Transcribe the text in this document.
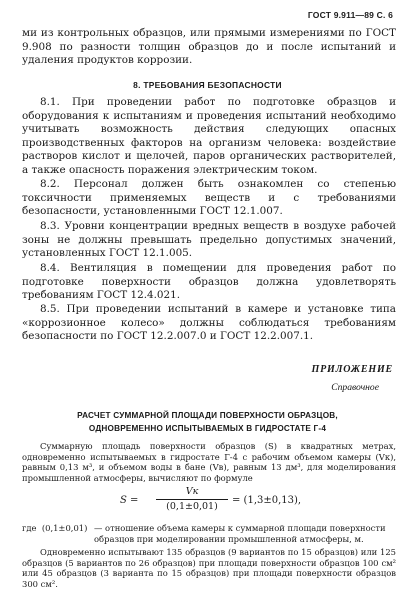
ГОСТ 9.911—89 С. 6

ми из контрольных образцов, или прямыми измерениями по ГОСТ 9.908 по разности толщин образцов до и после испытаний и удаления продуктов коррозии.

8. ТРЕБОВАНИЯ БЕЗОПАСНОСТИ

8.1. При проведении работ по подготовке образцов и оборудования к испытаниям и проведения испытаний необходимо учитывать возможность действия следующих опасных производственных факторов на организм человека: воздействие растворов кислот и щелочей, паров органических растворителей, а также опасность поражения электрическим током.

8.2. Персонал должен быть ознакомлен со степенью токсичности применяемых веществ и с требованиями безопасности, установленными ГОСТ 12.1.007.

8.3. Уровни концентрации вредных веществ в воздухе рабочей зоны не должны превышать предельно допустимых значений, установленных ГОСТ 12.1.005.

8.4. Вентиляция в помещении для проведения работ по подготовке поверхности образцов должна удовлетворять требованиям ГОСТ 12.4.021.

8.5. При проведении испытаний в камере и установке типа «коррозионное колесо» должны соблюдаться требованиям безопасности по ГОСТ 12.2.007.0 и ГОСТ 12.2.007.1.

ПРИЛОЖЕНИЕ

Справочное

РАСЧЕТ СУММАРНОЙ ПЛОЩАДИ ПОВЕРХНОСТИ ОБРАЗЦОВ,

ОДНОВРЕМЕННО ИСПЫТЫВАЕМЫХ В ГИДРОСТАТЕ Г-4

Суммарную площадь поверхности образцов (S) в квадратных метрах, одновременно испытываемых в гидростате Г-4 с рабочим объемом камеры (Vк), равным 0,13 м³, и объемом воды в бане (Vв), равным 13 дм³, для моделирования промышленной атмосферы, вычисляют по формуле

S =
Vк
(0,1±0,01)
= (1,3±0,13),
где (0,1±0,01) — отношение объема камеры к суммарной площади поверхности образцов при моделировании промышленной атмосферы, м.

Одновременно испытывают 135 образцов (9 вариантов по 15 образцов) или 125 образцов (5 вариантов по 26 образцов) при площади поверхности образцов 100 см² или 45 образцов (3 варианта по 15 образцов) при площади поверхности образцов 300 см².
